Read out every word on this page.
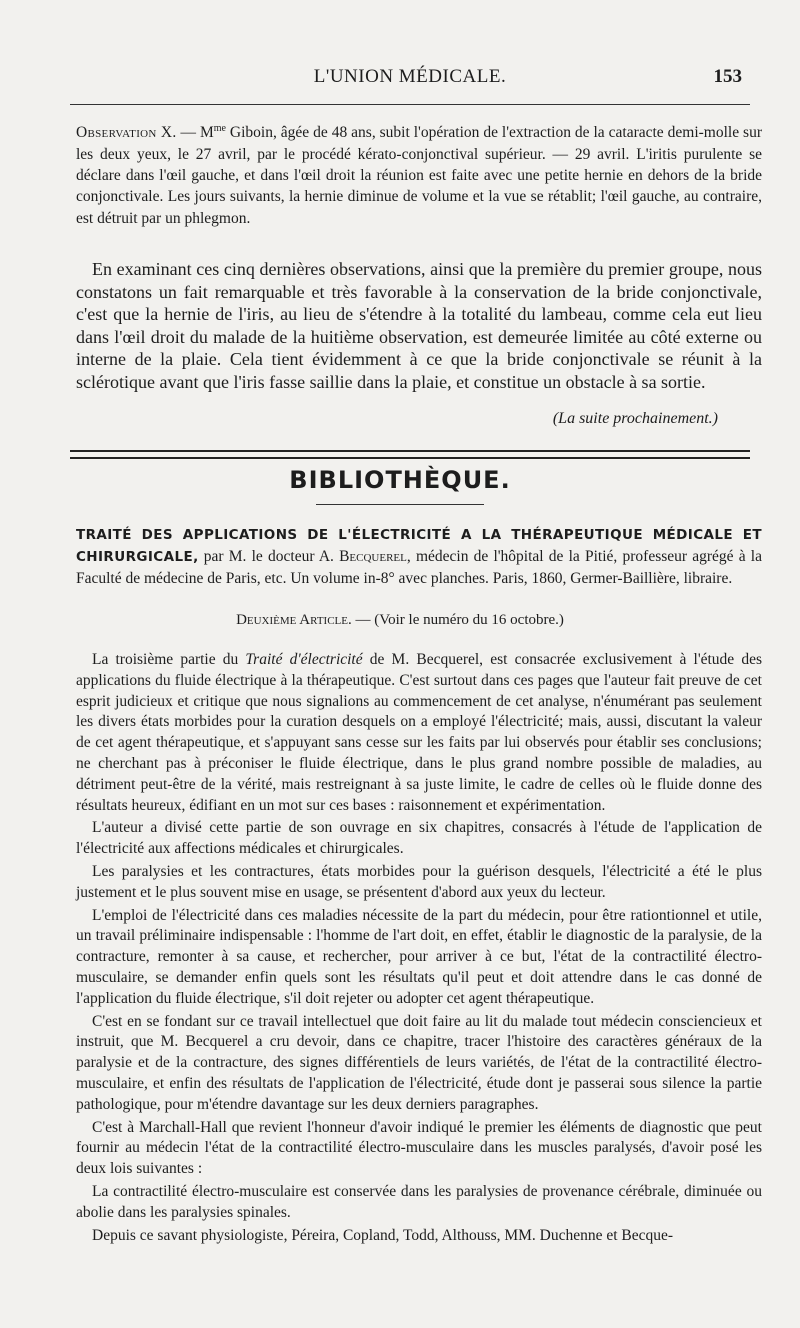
L'UNION MÉDICALE.	153
Observation X. — $M^{me}$ Giboin, âgée de 48 ans, subit l'opération de l'extraction de la cataracte demi-molle sur les deux yeux, le 27 avril, par le procédé kérato-conjonctival supérieur. — 29 avril. L'iritis purulente se déclare dans l'œil gauche, et dans l'œil droit la réunion est faite avec une petite hernie en dehors de la bride conjonctivale. Les jours suivants, la hernie diminue de volume et la vue se rétablit; l'œil gauche, au contraire, est détruit par un phlegmon.

En examinant ces cinq dernières observations, ainsi que la première du premier groupe, nous constatons un fait remarquable et très favorable à la conservation de la bride conjonctivale, c'est que la hernie de l'iris, au lieu de s'étendre à la totalité du lambeau, comme cela eut lieu dans l'œil droit du malade de la huitième observation, est demeurée limitée au côté externe ou interne de la plaie. Cela tient évidemment à ce que la bride conjonctivale se réunit à la sclérotique avant que l'iris fasse saillie dans la plaie, et constitue un obstacle à sa sortie.

(La suite prochainement.)
BIBLIOTHÈQUE.
TRAITÉ DES APPLICATIONS DE L'ÉLECTRICITÉ A LA THÉRAPEUTIQUE MÉDICALE ET CHIRURGICALE, par M. le docteur A. Becquerel, médecin de l'hôpital de la Pitié, professeur agrégé à la Faculté de médecine de Paris, etc. Un volume in-8° avec planches. Paris, 1860, Germer-Baillière, libraire.
Deuxième Article. — (Voir le numéro du 16 octobre.)

La troisième partie du Traité d'électricité de M. Becquerel, est consacrée exclusivement à l'étude des applications du fluide électrique à la thérapeutique. C'est surtout dans ces pages que l'auteur fait preuve de cet esprit judicieux et critique que nous signalions au commencement de cet analyse, n'énumérant pas seulement les divers états morbides pour la curation desquels on a employé l'électricité; mais, aussi, discutant la valeur de cet agent thérapeutique, et s'appuyant sans cesse sur les faits par lui observés pour établir ses conclusions; ne cherchant pas à préconiser le fluide électrique, dans le plus grand nombre possible de maladies, au détriment peut-être de la vérité, mais restreignant à sa juste limite, le cadre de celles où le fluide donne des résultats heureux, édifiant en un mot sur ces bases : raisonnement et expérimentation.

L'auteur a divisé cette partie de son ouvrage en six chapitres, consacrés à l'étude de l'application de l'électricité aux affections médicales et chirurgicales.

Les paralysies et les contractures, états morbides pour la guérison desquels, l'électricité a été le plus justement et le plus souvent mise en usage, se présentent d'abord aux yeux du lecteur.

L'emploi de l'électricité dans ces maladies nécessite de la part du médecin, pour être rationtionnel et utile, un travail préliminaire indispensable : l'homme de l'art doit, en effet, établir le diagnostic de la paralysie, de la contracture, remonter à sa cause, et rechercher, pour arriver à ce but, l'état de la contractilité électro-musculaire, se demander enfin quels sont les résultats qu'il peut et doit attendre dans le cas donné de l'application du fluide électrique, s'il doit rejeter ou adopter cet agent thérapeutique.

C'est en se fondant sur ce travail intellectuel que doit faire au lit du malade tout médecin consciencieux et instruit, que M. Becquerel a cru devoir, dans ce chapitre, tracer l'histoire des caractères généraux de la paralysie et de la contracture, des signes différentiels de leurs variétés, de l'état de la contractilité électro-musculaire, et enfin des résultats de l'application de l'électricité, étude dont je passerai sous silence la partie pathologique, pour m'étendre davantage sur les deux derniers paragraphes.

C'est à Marchall-Hall que revient l'honneur d'avoir indiqué le premier les éléments de diagnostic que peut fournir au médecin l'état de la contractilité électro-musculaire dans les muscles paralysés, d'avoir posé les deux lois suivantes :

La contractilité électro-musculaire est conservée dans les paralysies de provenance cérébrale, diminuée ou abolie dans les paralysies spinales.

Depuis ce savant physiologiste, Péreira, Copland, Todd, Althouss, MM. Duchenne et Becque-
